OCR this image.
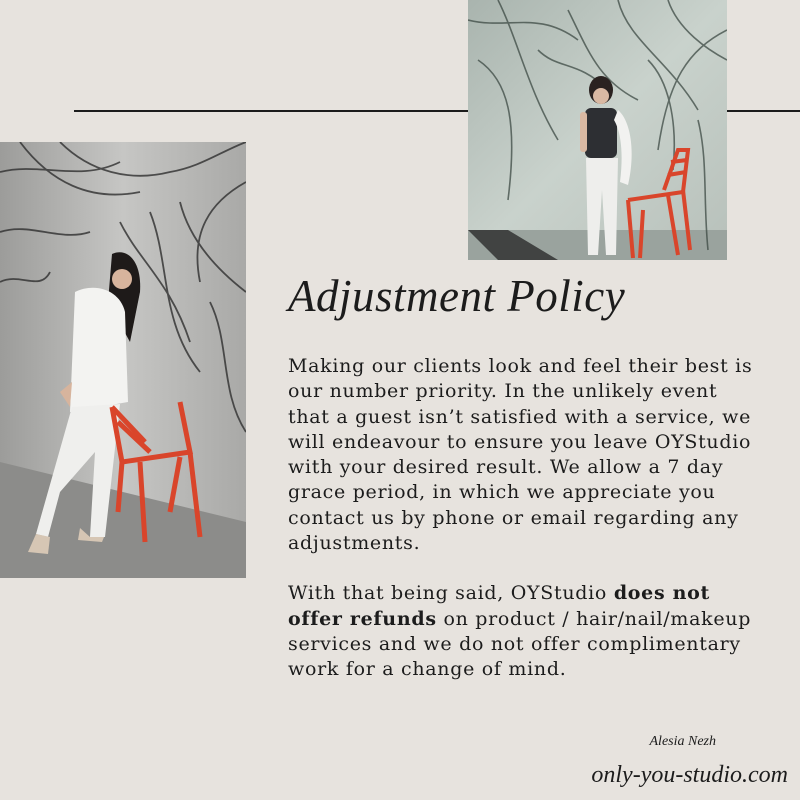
Adjustment Policy

Making our clients look and feel their best is our number priority. In the unlikely event that a guest isn’t satisfied with a service, we will endeavour to ensure you leave OYStudio with your desired result. We allow a 7 day grace period, in which we appreciate you contact us by phone or email regarding any adjustments.

With that being said, OYStudio does not offer refunds on product / hair/nail/makeup services and we do not offer complimentary work for a change of mind.

Alesia Nezh
only-you-studio.com
